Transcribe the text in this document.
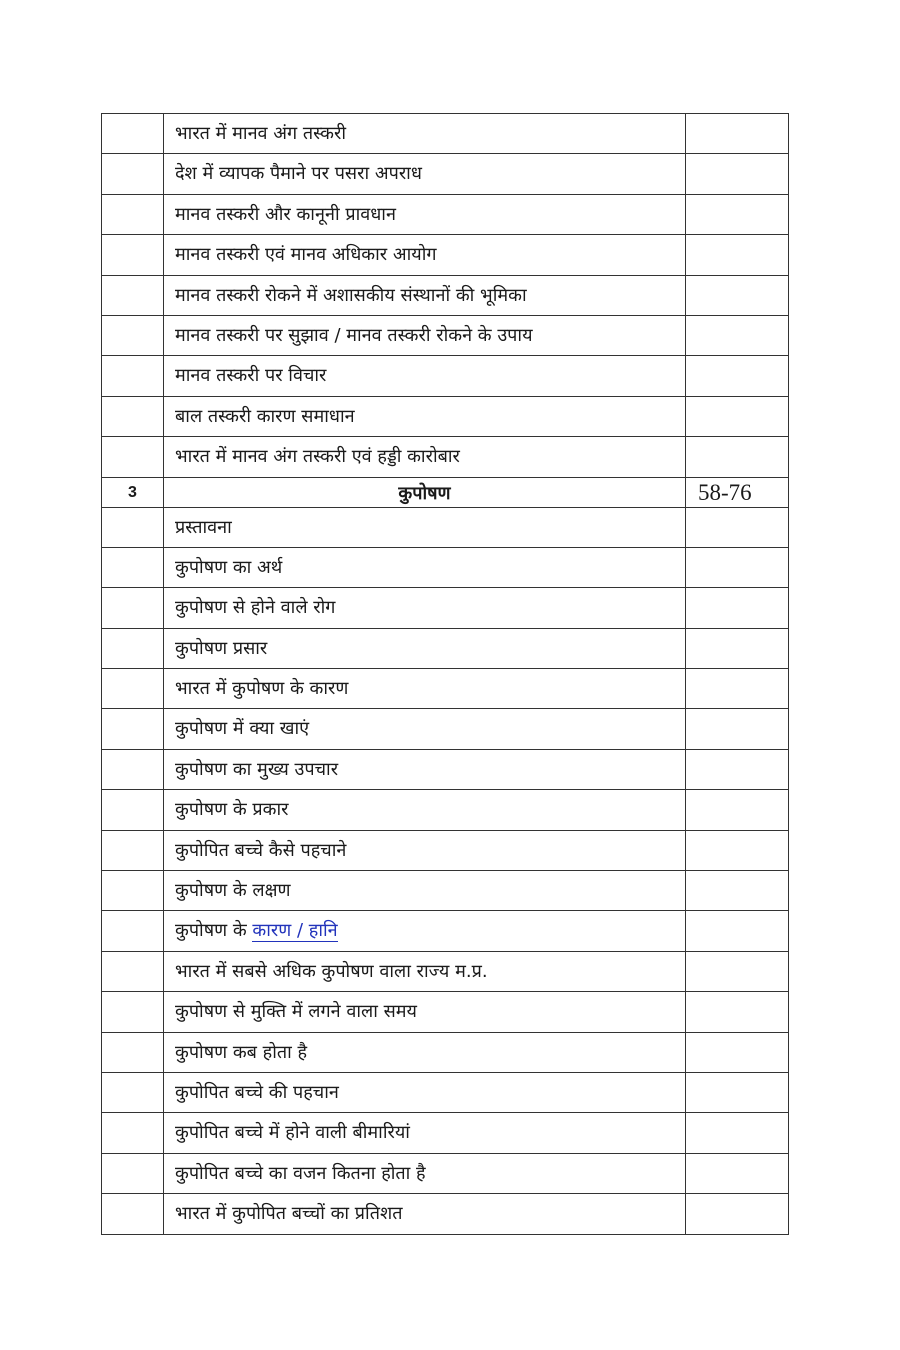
	भारत में मानव अंग तस्करी	
	देश में व्यापक पैमाने पर पसरा अपराध	
	मानव तस्करी और कानूनी प्रावधान	
	मानव तस्करी एवं मानव अधिकार आयोग	
	मानव तस्करी रोकने में अशासकीय संस्थानों की भूमिका	
	मानव तस्करी पर सुझाव / मानव तस्करी रोकने के उपाय	
	मानव तस्करी पर विचार	
	बाल तस्करी कारण समाधान	
	भारत में मानव अंग तस्करी एवं हड्डी कारोबार	
3	कुपोषण	58-76
	प्रस्तावना	
	कुपोषण का अर्थ	
	कुपोषण से होने वाले रोग	
	कुपोषण प्रसार	
	भारत में कुपोषण के कारण	
	कुपोषण में क्या खाएं	
	कुपोषण का मुख्य उपचार	
	कुपोषण के प्रकार	
	कुपोपित बच्चे कैसे पहचाने	
	कुपोषण के लक्षण	
	कुपोषण के कारण / हानि	
	भारत में सबसे अधिक कुपोषण वाला राज्य म.प्र.	
	कुपोषण से मुक्ति में लगने वाला समय	
	कुपोषण कब होता है	
	कुपोपित बच्चे की पहचान	
	कुपोपित बच्चे में होने वाली बीमारियां	
	कुपोपित बच्चे का वजन कितना होता है	
	भारत में कुपोपित बच्चों का प्रतिशत	
